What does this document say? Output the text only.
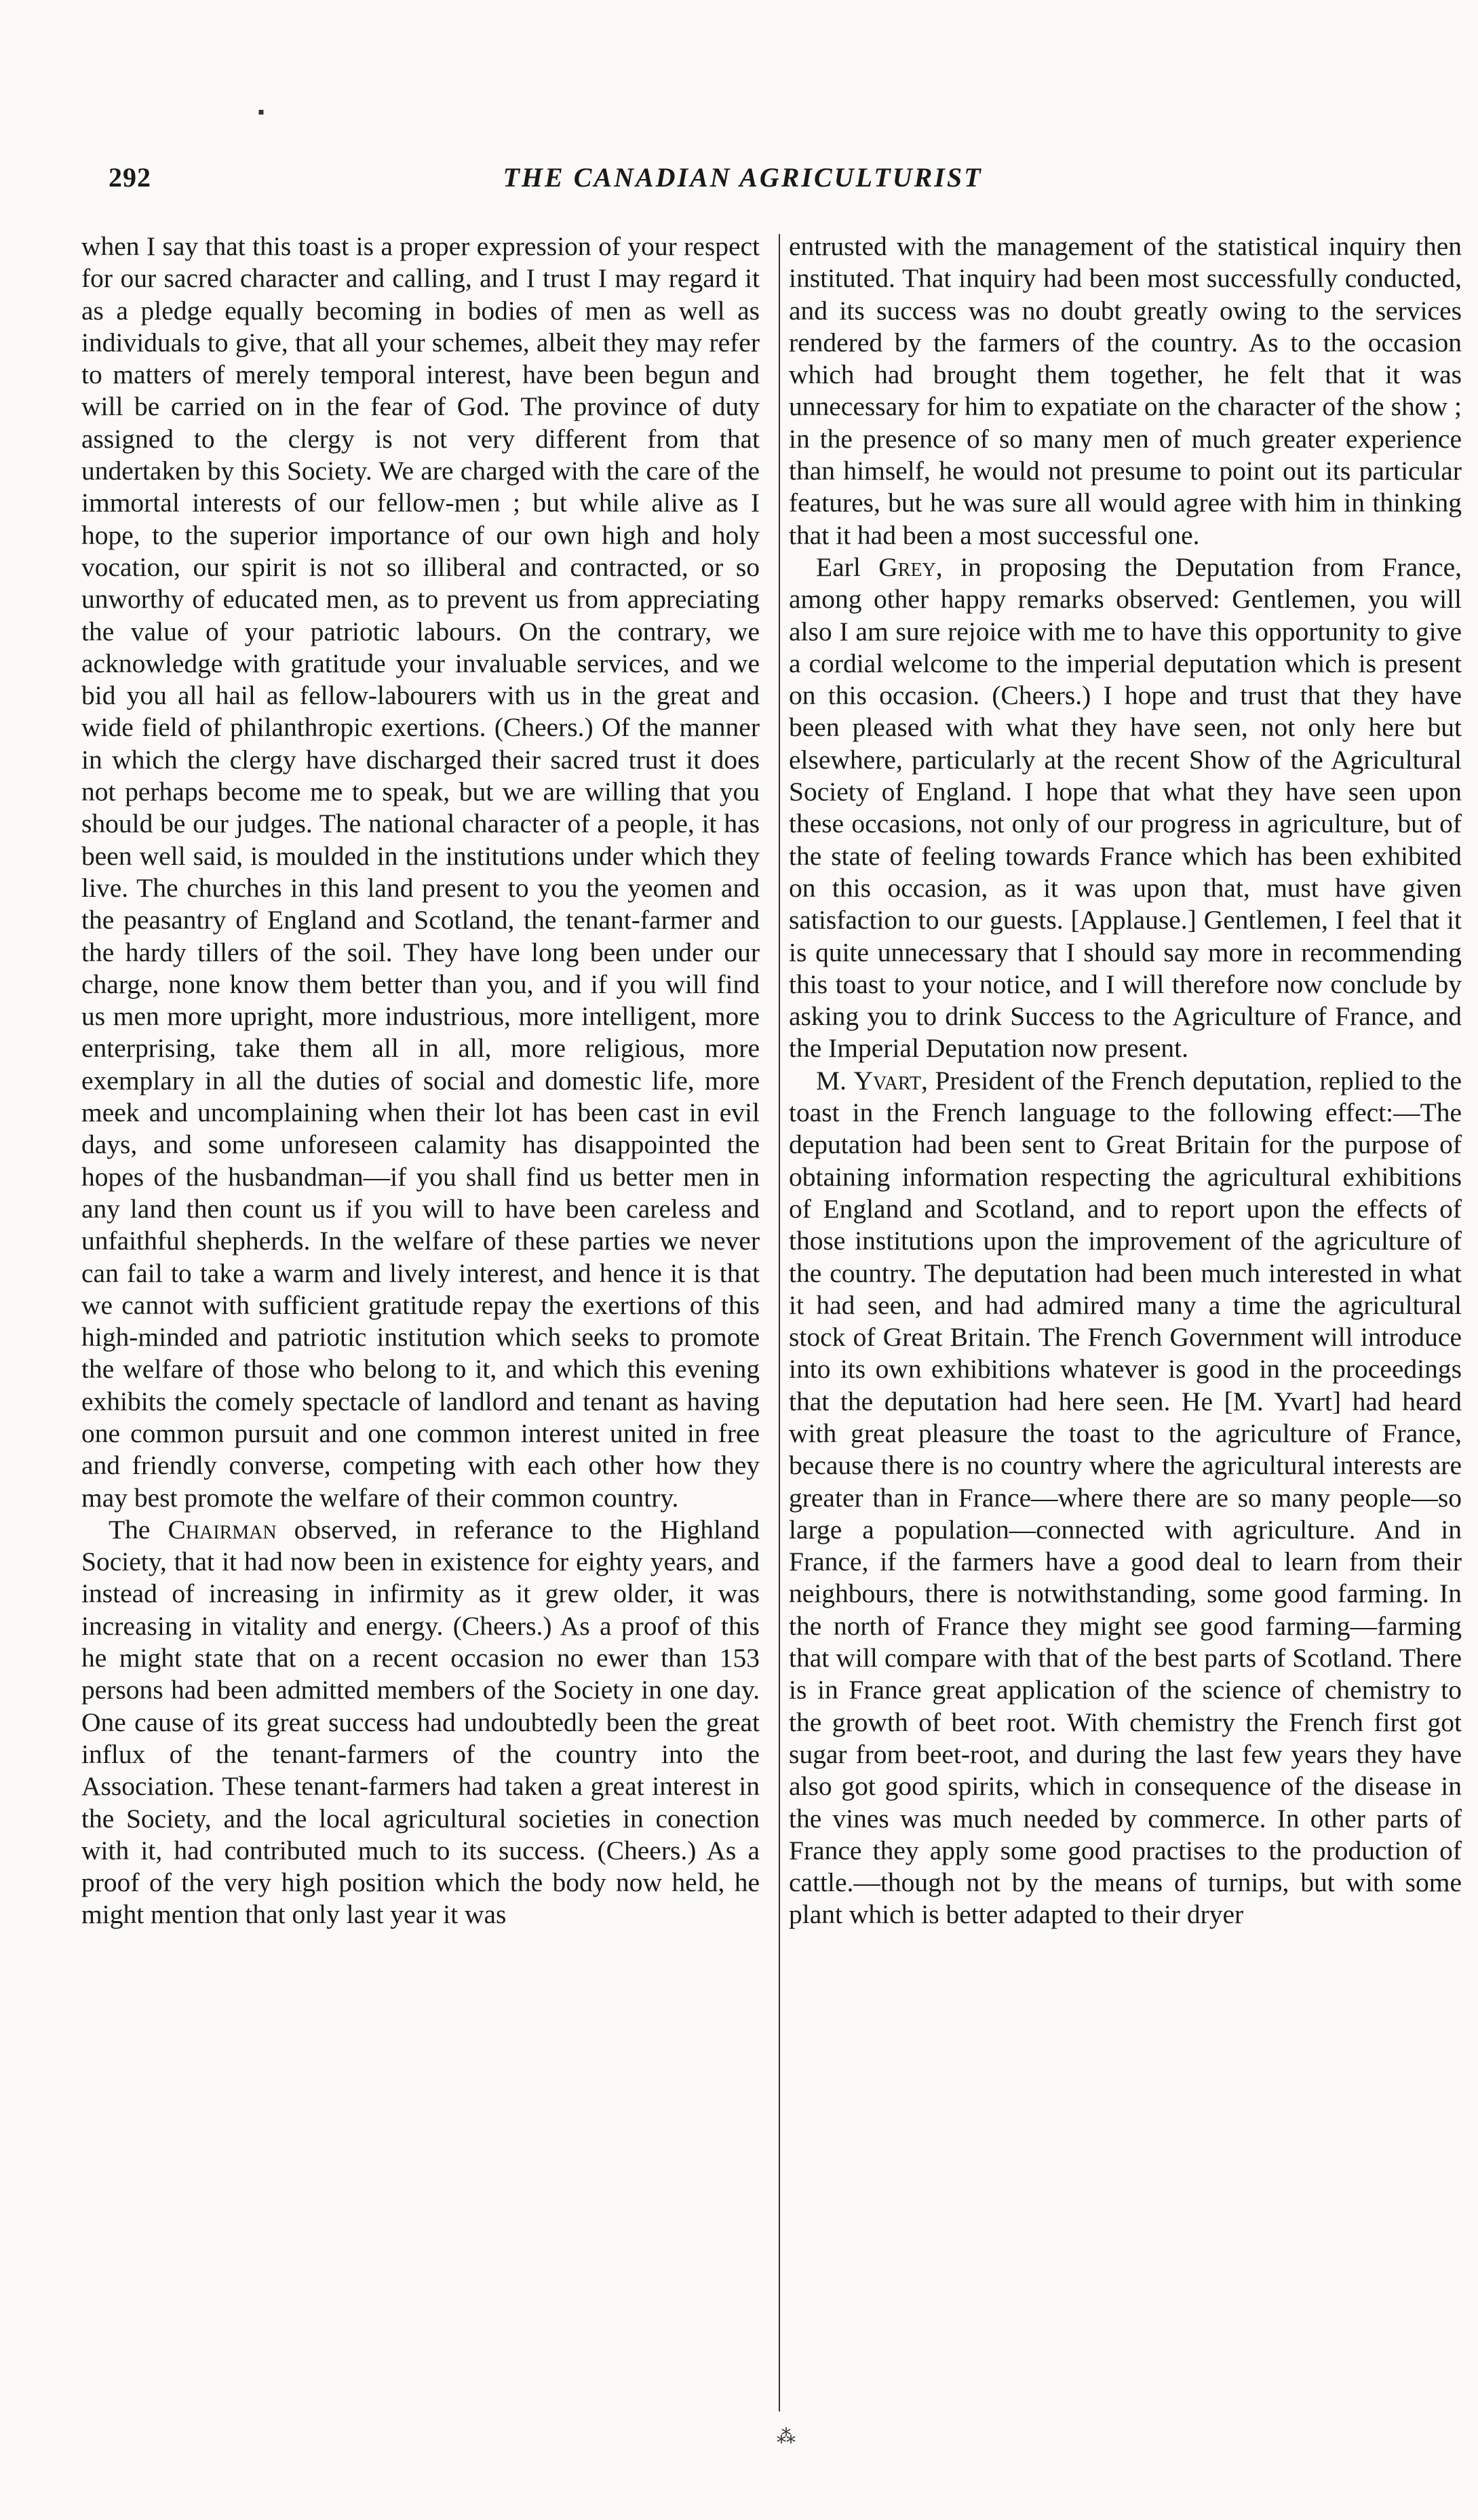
▪
292	THE CANADIAN AGRICULTURIST

when I say that this toast is a proper expression of your respect for our sacred character and calling, and I trust I may regard it as a pledge equally becoming in bodies of men as well as individuals to give, that all your schemes, albeit they may refer to matters of merely temporal interest, have been begun and will be carried on in the fear of God. The province of duty assigned to the clergy is not very different from that undertaken by this Society. We are charged with the care of the immortal interests of our fellow-men ; but while alive as I hope, to the superior importance of our own high and holy vocation, our spirit is not so illiberal and contracted, or so unworthy of educated men, as to prevent us from appreciating the value of your patriotic labours. On the contrary, we acknowledge with gratitude your invaluable services, and we bid you all hail as fellow-labourers with us in the great and wide field of philanthropic exertions. (Cheers.) Of the manner in which the clergy have discharged their sacred trust it does not perhaps become me to speak, but we are willing that you should be our judges. The national character of a people, it has been well said, is moulded in the institutions under which they live. The churches in this land present to you the yeomen and the peasantry of England and Scotland, the tenant-farmer and the hardy tillers of the soil. They have long been under our charge, none know them better than you, and if you will find us men more upright, more industrious, more intelligent, more enterprising, take them all in all, more religious, more exemplary in all the duties of social and domestic life, more meek and uncomplaining when their lot has been cast in evil days, and some unforeseen calamity has disappointed the hopes of the husbandman—if you shall find us better men in any land then count us if you will to have been careless and unfaithful shepherds. In the welfare of these parties we never can fail to take a warm and lively interest, and hence it is that we cannot with sufficient gratitude repay the exertions of this high-minded and patriotic institution which seeks to promote the welfare of those who belong to it, and which this evening exhibits the comely spectacle of landlord and tenant as having one common pursuit and one common interest united in free and friendly converse, competing with each other how they may best promote the welfare of their common country.

The Chairman observed, in referance to the Highland Society, that it had now been in existence for eighty years, and instead of increasing in infirmity as it grew older, it was increasing in vitality and energy. (Cheers.) As a proof of this he might state that on a recent occasion no ewer than 153 persons had been admitted members of the Society in one day. One cause of its great success had undoubtedly been the great influx of the tenant-farmers of the country into the Association. These tenant-farmers had taken a great interest in the Society, and the local agricultural societies in conection with it, had contributed much to its success. (Cheers.) As a proof of the very high position which the body now held, he might mention that only last year it was

entrusted with the management of the statistical inquiry then instituted. That inquiry had been most successfully conducted, and its success was no doubt greatly owing to the services rendered by the farmers of the country. As to the occasion which had brought them together, he felt that it was unnecessary for him to expatiate on the character of the show ; in the presence of so many men of much greater experience than himself, he would not presume to point out its particular features, but he was sure all would agree with him in thinking that it had been a most successful one.

Earl Grey, in proposing the Deputation from France, among other happy remarks observed: Gentlemen, you will also I am sure rejoice with me to have this opportunity to give a cordial welcome to the imperial deputation which is present on this occasion. (Cheers.) I hope and trust that they have been pleased with what they have seen, not only here but elsewhere, particularly at the recent Show of the Agricultural Society of England. I hope that what they have seen upon these occasions, not only of our progress in agriculture, but of the state of feeling towards France which has been exhibited on this occasion, as it was upon that, must have given satisfaction to our guests. [Applause.] Gentlemen, I feel that it is quite unnecessary that I should say more in recommending this toast to your notice, and I will therefore now conclude by asking you to drink Success to the Agriculture of France, and the Imperial Deputation now present.

M. Yvart, President of the French deputation, replied to the toast in the French language to the following effect:—The deputation had been sent to Great Britain for the purpose of obtaining information respecting the agricultural exhibitions of England and Scotland, and to report upon the effects of those institutions upon the improvement of the agriculture of the country. The deputation had been much interested in what it had seen, and had admired many a time the agricultural stock of Great Britain. The French Government will introduce into its own exhibitions whatever is good in the proceedings that the deputation had here seen. He [M. Yvart] had heard with great pleasure the toast to the agriculture of France, because there is no country where the agricultural interests are greater than in France—where there are so many people—so large a population—connected with agriculture. And in France, if the farmers have a good deal to learn from their neighbours, there is notwithstanding, some good farming. In the north of France they might see good farming—farming that will compare with that of the best parts of Scotland. There is in France great application of the science of chemistry to the growth of beet root. With chemistry the French first got sugar from beet-root, and during the last few years they have also got good spirits, which in consequence of the disease in the vines was much needed by commerce. In other parts of France they apply some good practises to the production of cattle.—though not by the means of turnips, but with some plant which is better adapted to their dryer

⁂
